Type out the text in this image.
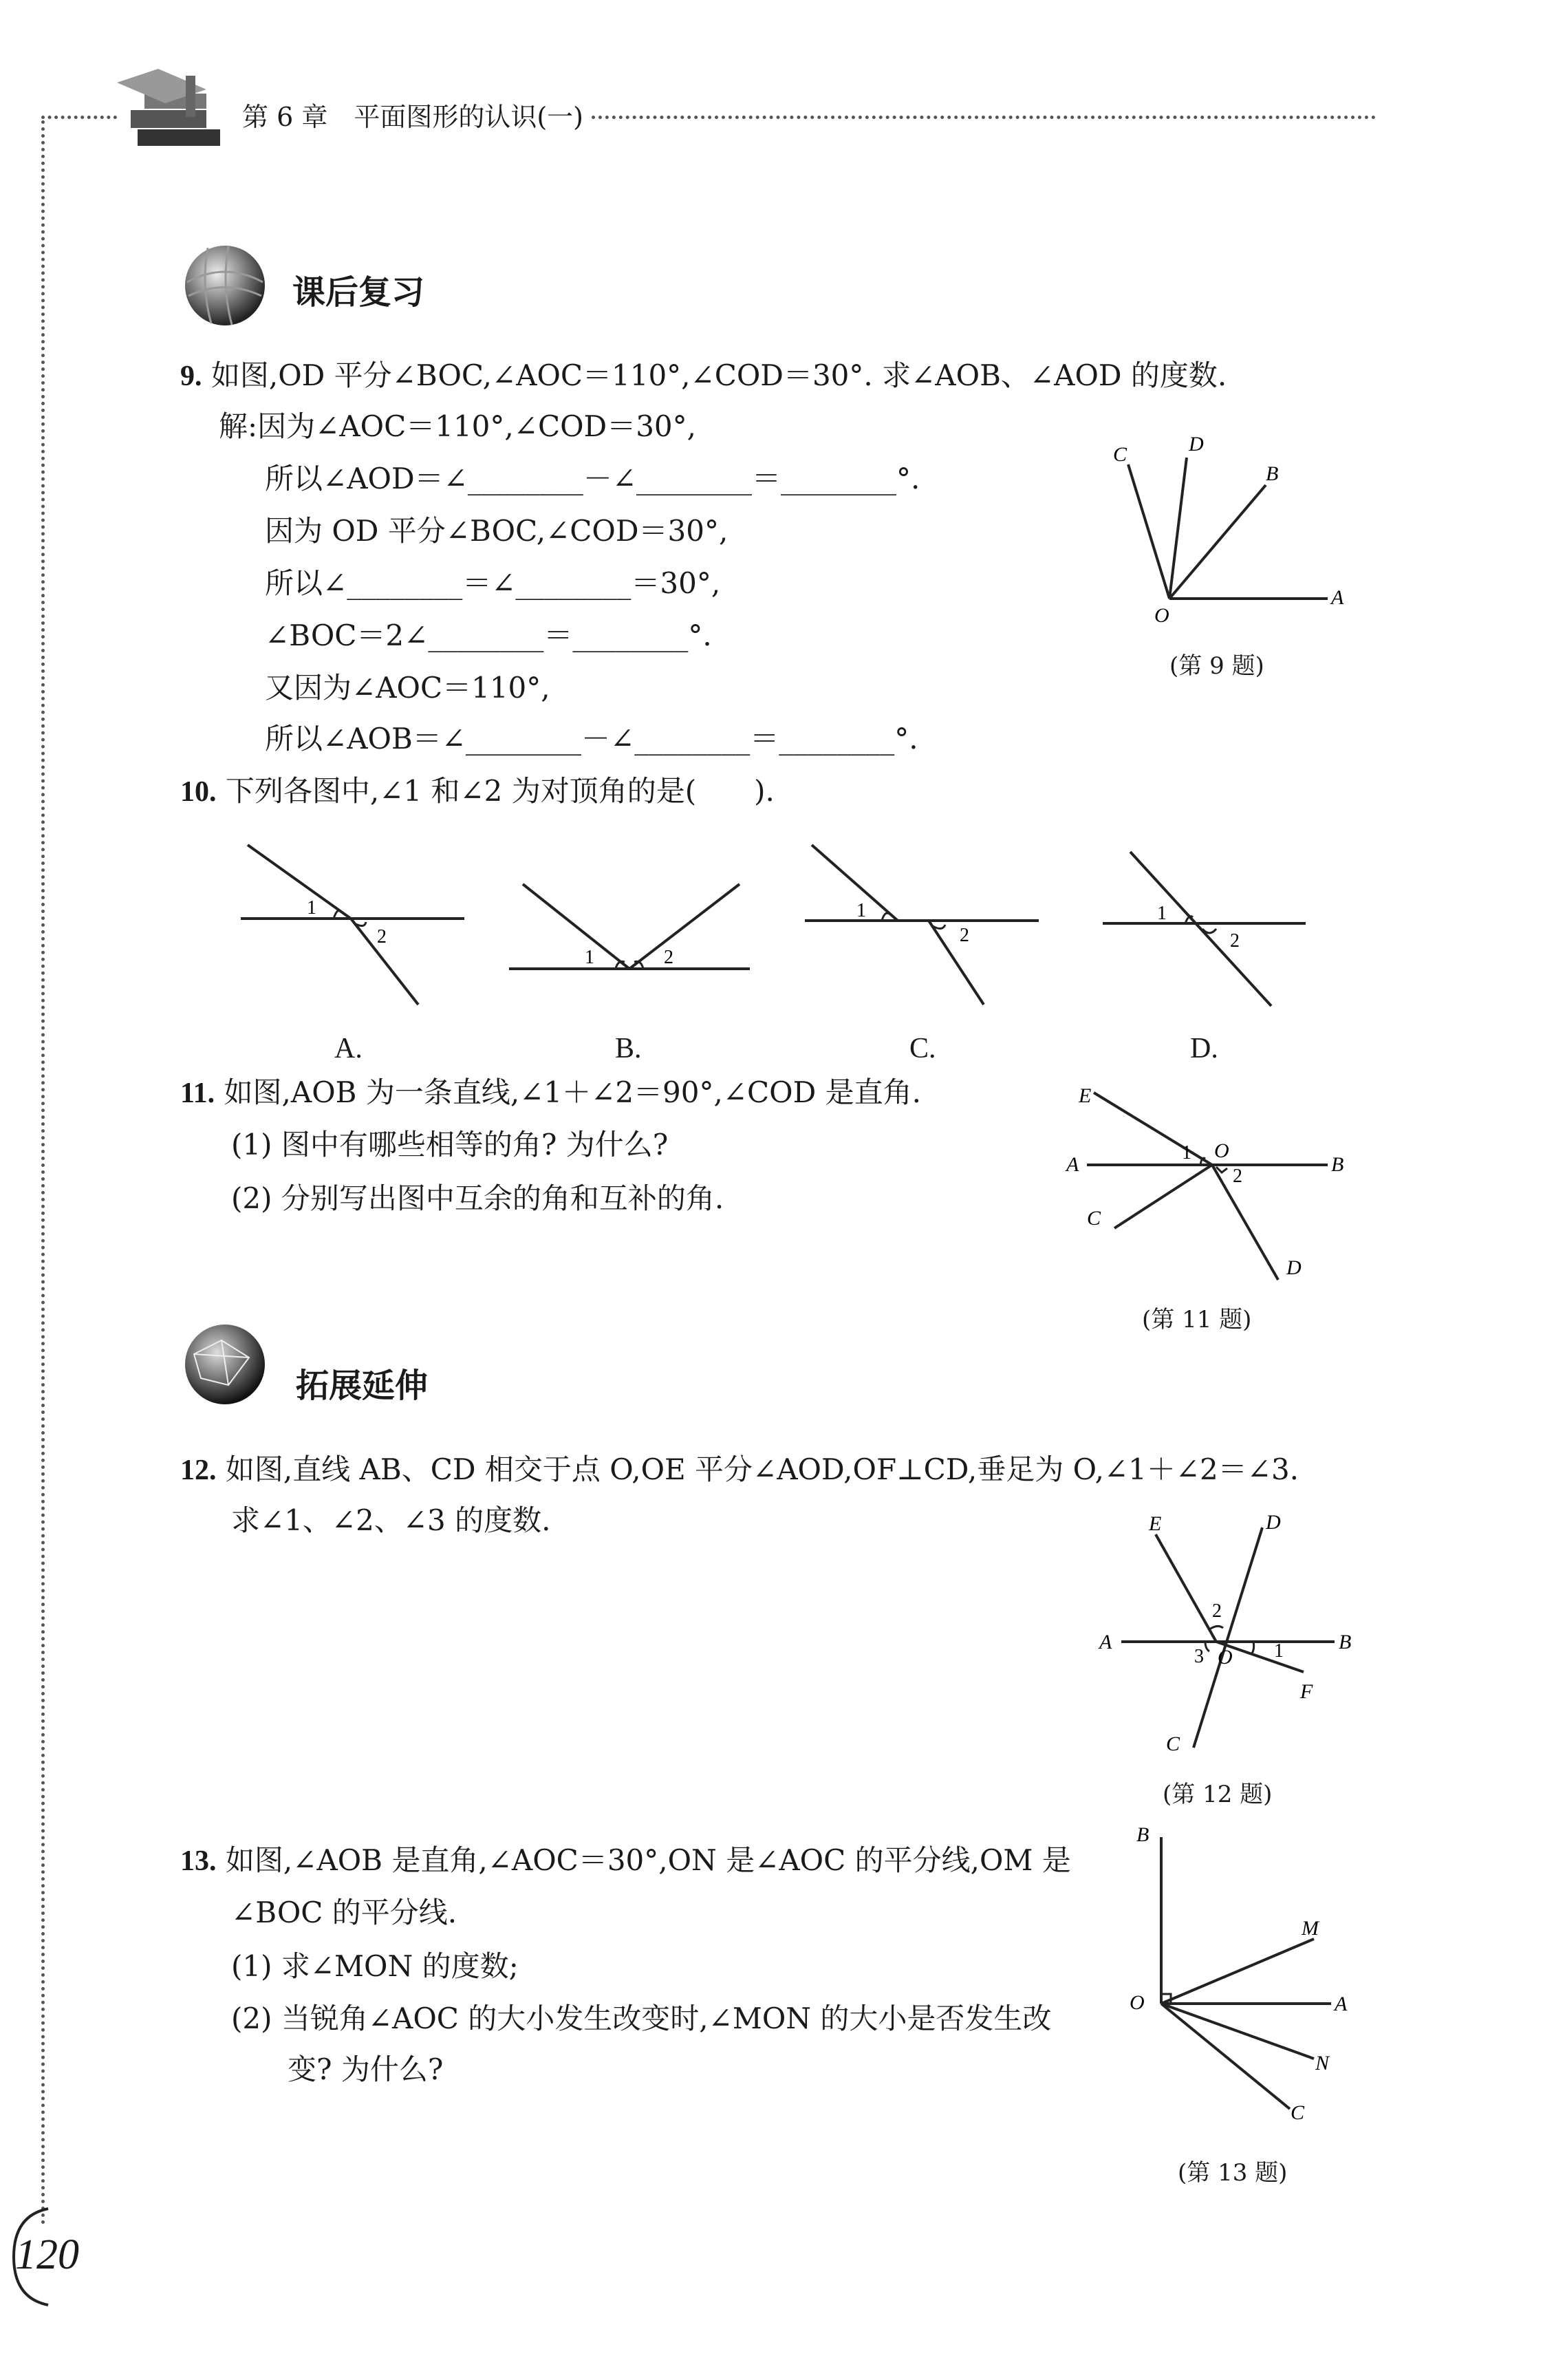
第 6 章　平面图形的认识(一)
课后复习
9. 如图,OD 平分∠BOC,∠AOC＝110°,∠COD＝30°. 求∠AOB、∠AOD 的度数.
解:因为∠AOC＝110°,∠COD＝30°,
所以∠AOD＝∠________－∠________＝________°.
因为 OD 平分∠BOC,∠COD＝30°,
所以∠________＝∠________＝30°,
∠BOC＝2∠________＝________°.
又因为∠AOC＝110°,
所以∠AOB＝∠________－∠________＝________°.
C	D
B
O
A
(第 9 题)
10. 下列各图中,∠1 和∠2 为对顶角的是(　　).
1
2
1	2
1
2
1
2
A.	B.	C.	D.
11. 如图,AOB 为一条直线,∠1＋∠2＝90°,∠COD 是直角.
(1) 图中有哪些相等的角? 为什么?
(2) 分别写出图中互余的角和互补的角.
E
A
O
B
C
D
1
2
(第 11 题)
拓展延伸
12. 如图,直线 AB、CD 相交于点 O,OE 平分∠AOD,OF⊥CD,垂足为 O,∠1＋∠2＝∠3.
求∠1、∠2、∠3 的度数.	E	D
A
O
B
F
C
1
2
3
(第 12 题)
13. 如图,∠AOB 是直角,∠AOC＝30°,ON 是∠AOC 的平分线,OM 是
∠BOC 的平分线.
(1) 求∠MON 的度数;
(2) 当锐角∠AOC 的大小发生改变时,∠MON 的大小是否发生改
变? 为什么?
B
M
O	A
N
C
(第 13 题)
120
